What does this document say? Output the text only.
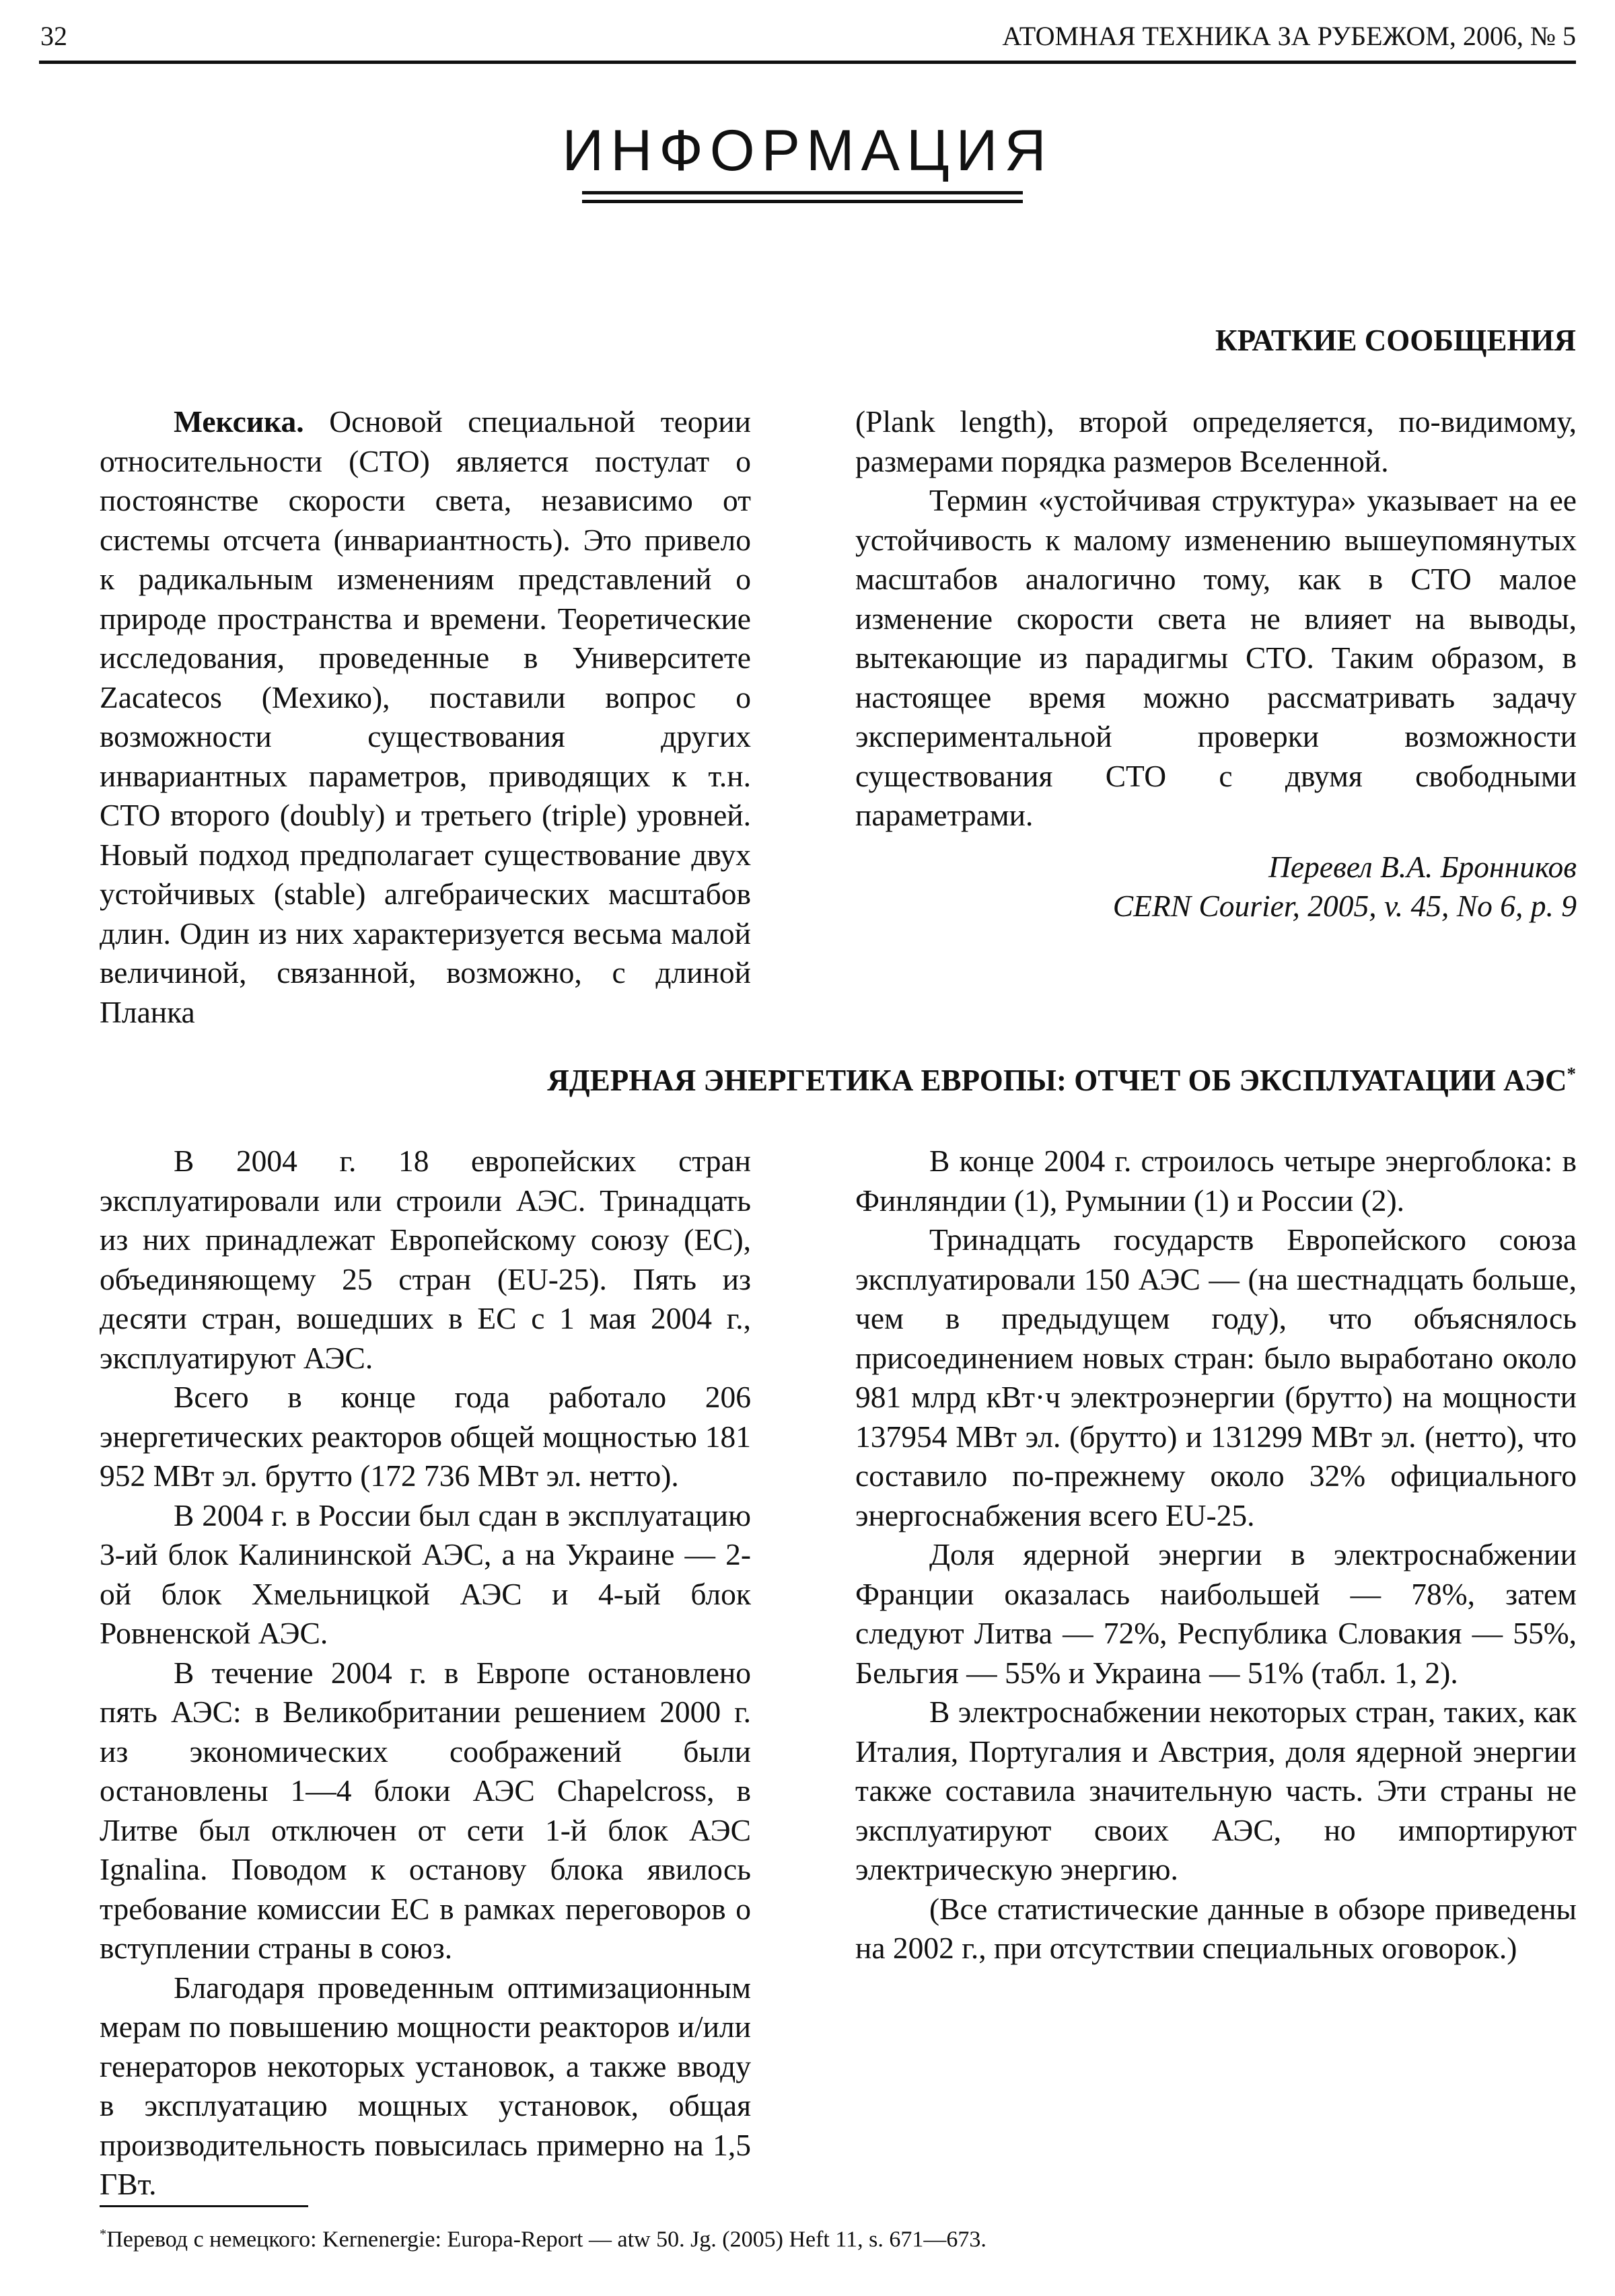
32	АТОМНАЯ ТЕХНИКА ЗА РУБЕЖОМ, 2006, № 5
ИНФОРМАЦИЯ
КРАТКИЕ СООБЩЕНИЯ

Мексика. Основой специальной теории относительности (СТО) является постулат о постоянстве скорости света, независимо от системы отсчета (инвариантность). Это привело к радикальным изменениям представлений о природе пространства и времени. Теоретические исследования, проведенные в Университете Zacatecos (Мехико), поставили вопрос о возможности существования других инвариантных параметров, приводящих к т.н. СТО второго (doubly) и третьего (triple) уровней. Новый подход предполагает существование двух устойчивых (stable) алгебраических масштабов длин. Один из них характеризуется весьма малой величиной, связанной, возможно, с длиной Планка

(Plank length), второй определяется, по-видимому, размерами порядка размеров Вселенной.

Термин «устойчивая структура» указывает на ее устойчивость к малому изменению вышеупомянутых масштабов аналогично тому, как в СТО малое изменение скорости света не влияет на выводы, вытекающие из парадигмы СТО. Таким образом, в настоящее время можно рассматривать задачу экспериментальной проверки возможности существования СТО с двумя свободными параметрами.

Перевел В.А. Бронников

CERN Courier, 2005, v. 45, No 6, p. 9

ЯДЕРНАЯ ЭНЕРГЕТИКА ЕВРОПЫ: ОТЧЕТ ОБ ЭКСПЛУАТАЦИИ АЭС*

В 2004 г. 18 европейских стран эксплуатировали или строили АЭС. Тринадцать из них принадлежат Европейскому союзу (ЕС), объединяющему 25 стран (EU-25). Пять из десяти стран, вошедших в ЕС с 1 мая 2004 г., эксплуатируют АЭС.

Всего в конце года работало 206 энергетических реакторов общей мощностью 181 952 МВт эл. брутто (172 736 МВт эл. нетто).

В 2004 г. в России был сдан в эксплуатацию 3-ий блок Калининской АЭС, а на Украине — 2-ой блок Хмельницкой АЭС и 4-ый блок Ровненской АЭС.

В течение 2004 г. в Европе остановлено пять АЭС: в Великобритании решением 2000 г. из экономических соображений были остановлены 1—4 блоки АЭС Chapelcross, в Литве был отключен от сети 1-й блок АЭС Ignalina. Поводом к останову блока явилось требование комиссии ЕС в рамках переговоров о вступлении страны в союз.

Благодаря проведенным оптимизационным мерам по повышению мощности реакторов и/или генераторов некоторых установок, а также вводу в эксплуатацию мощных установок, общая производительность повысилась примерно на 1,5 ГВт.

В конце 2004 г. строилось четыре энергоблока: в Финляндии (1), Румынии (1) и России (2).

Тринадцать государств Европейского союза эксплуатировали 150 АЭС — (на шестнадцать больше, чем в предыдущем году), что объяснялось присоединением новых стран: было выработано около 981 млрд кВт·ч электроэнергии (брутто) на мощности 137954 МВт эл. (брутто) и 131299 МВт эл. (нетто), что составило по-прежнему около 32% официального энергоснабжения всего EU-25.

Доля ядерной энергии в электроснабжении Франции оказалась наибольшей — 78%, затем следуют Литва — 72%, Республика Словакия — 55%, Бельгия — 55% и Украина — 51% (табл. 1, 2).

В электроснабжении некоторых стран, таких, как Италия, Португалия и Австрия, доля ядерной энергии также составила значительную часть. Эти страны не эксплуатируют своих АЭС, но импортируют электрическую энергию.

(Все статистические данные в обзоре приведены на 2002 г., при отсутствии специальных оговорок.)

*Перевод с немецкого: Kernenergie: Europa-Report — atw 50. Jg. (2005) Heft 11, s. 671—673.
